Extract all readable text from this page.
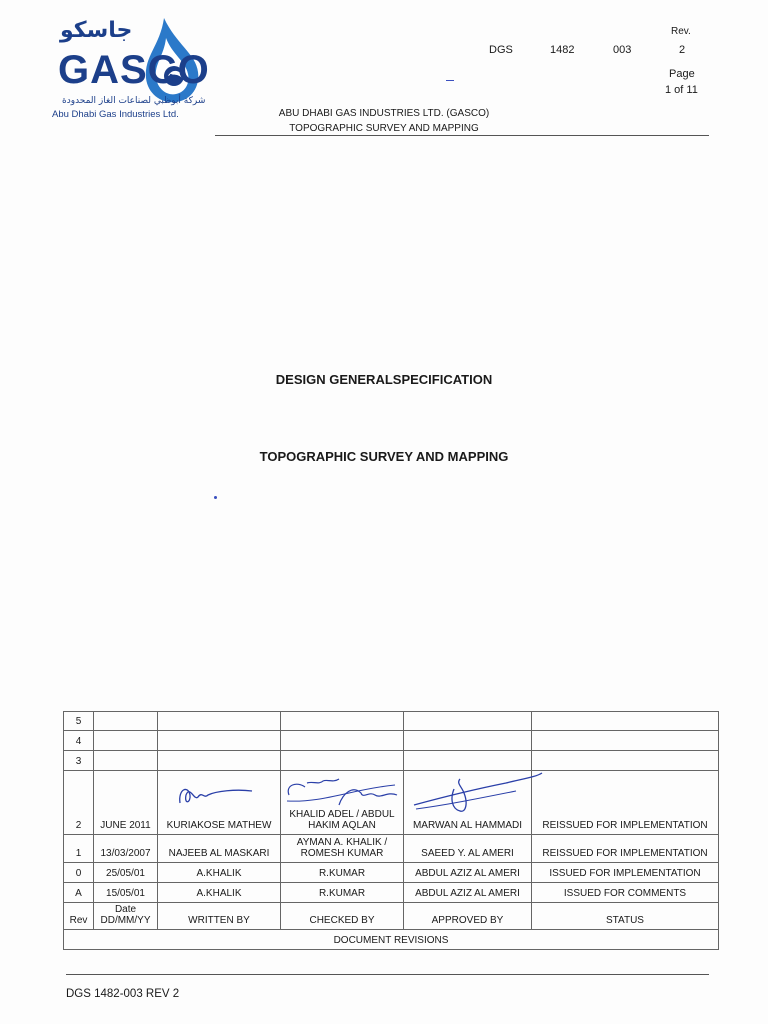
جاسكو
GASCO
شركة أبوظبي لصناعات الغاز المحدودة
Abu Dhabi Gas Industries Ltd.
DGS	1482	003
Rev.
2
Page
1 of 11
ABU DHABI GAS INDUSTRIES LTD. (GASCO)
TOPOGRAPHIC SURVEY AND MAPPING
DESIGN GENERALSPECIFICATION
TOPOGRAPHIC SURVEY AND MAPPING
5					
4					
3					
2	JUNE 2011	KURIAKOSE MATHEW	KHALID ADEL / ABDUL HAKIM AQLAN	MARWAN AL HAMMADI	REISSUED FOR IMPLEMENTATION
1	13/03/2007	NAJEEB AL MASKARI	AYMAN A. KHALIK / ROMESH KUMAR	SAEED Y. AL AMERI	REISSUED FOR IMPLEMENTATION
0	25/05/01	A.KHALIK	R.KUMAR	ABDUL AZIZ AL AMERI	ISSUED FOR IMPLEMENTATION
A	15/05/01	A.KHALIK	R.KUMAR	ABDUL AZIZ AL AMERI	ISSUED FOR COMMENTS
Rev	Date DD/MM/YY	WRITTEN BY	CHECKED BY	APPROVED BY	STATUS
DOCUMENT REVISIONS					
DGS 1482-003 REV 2
